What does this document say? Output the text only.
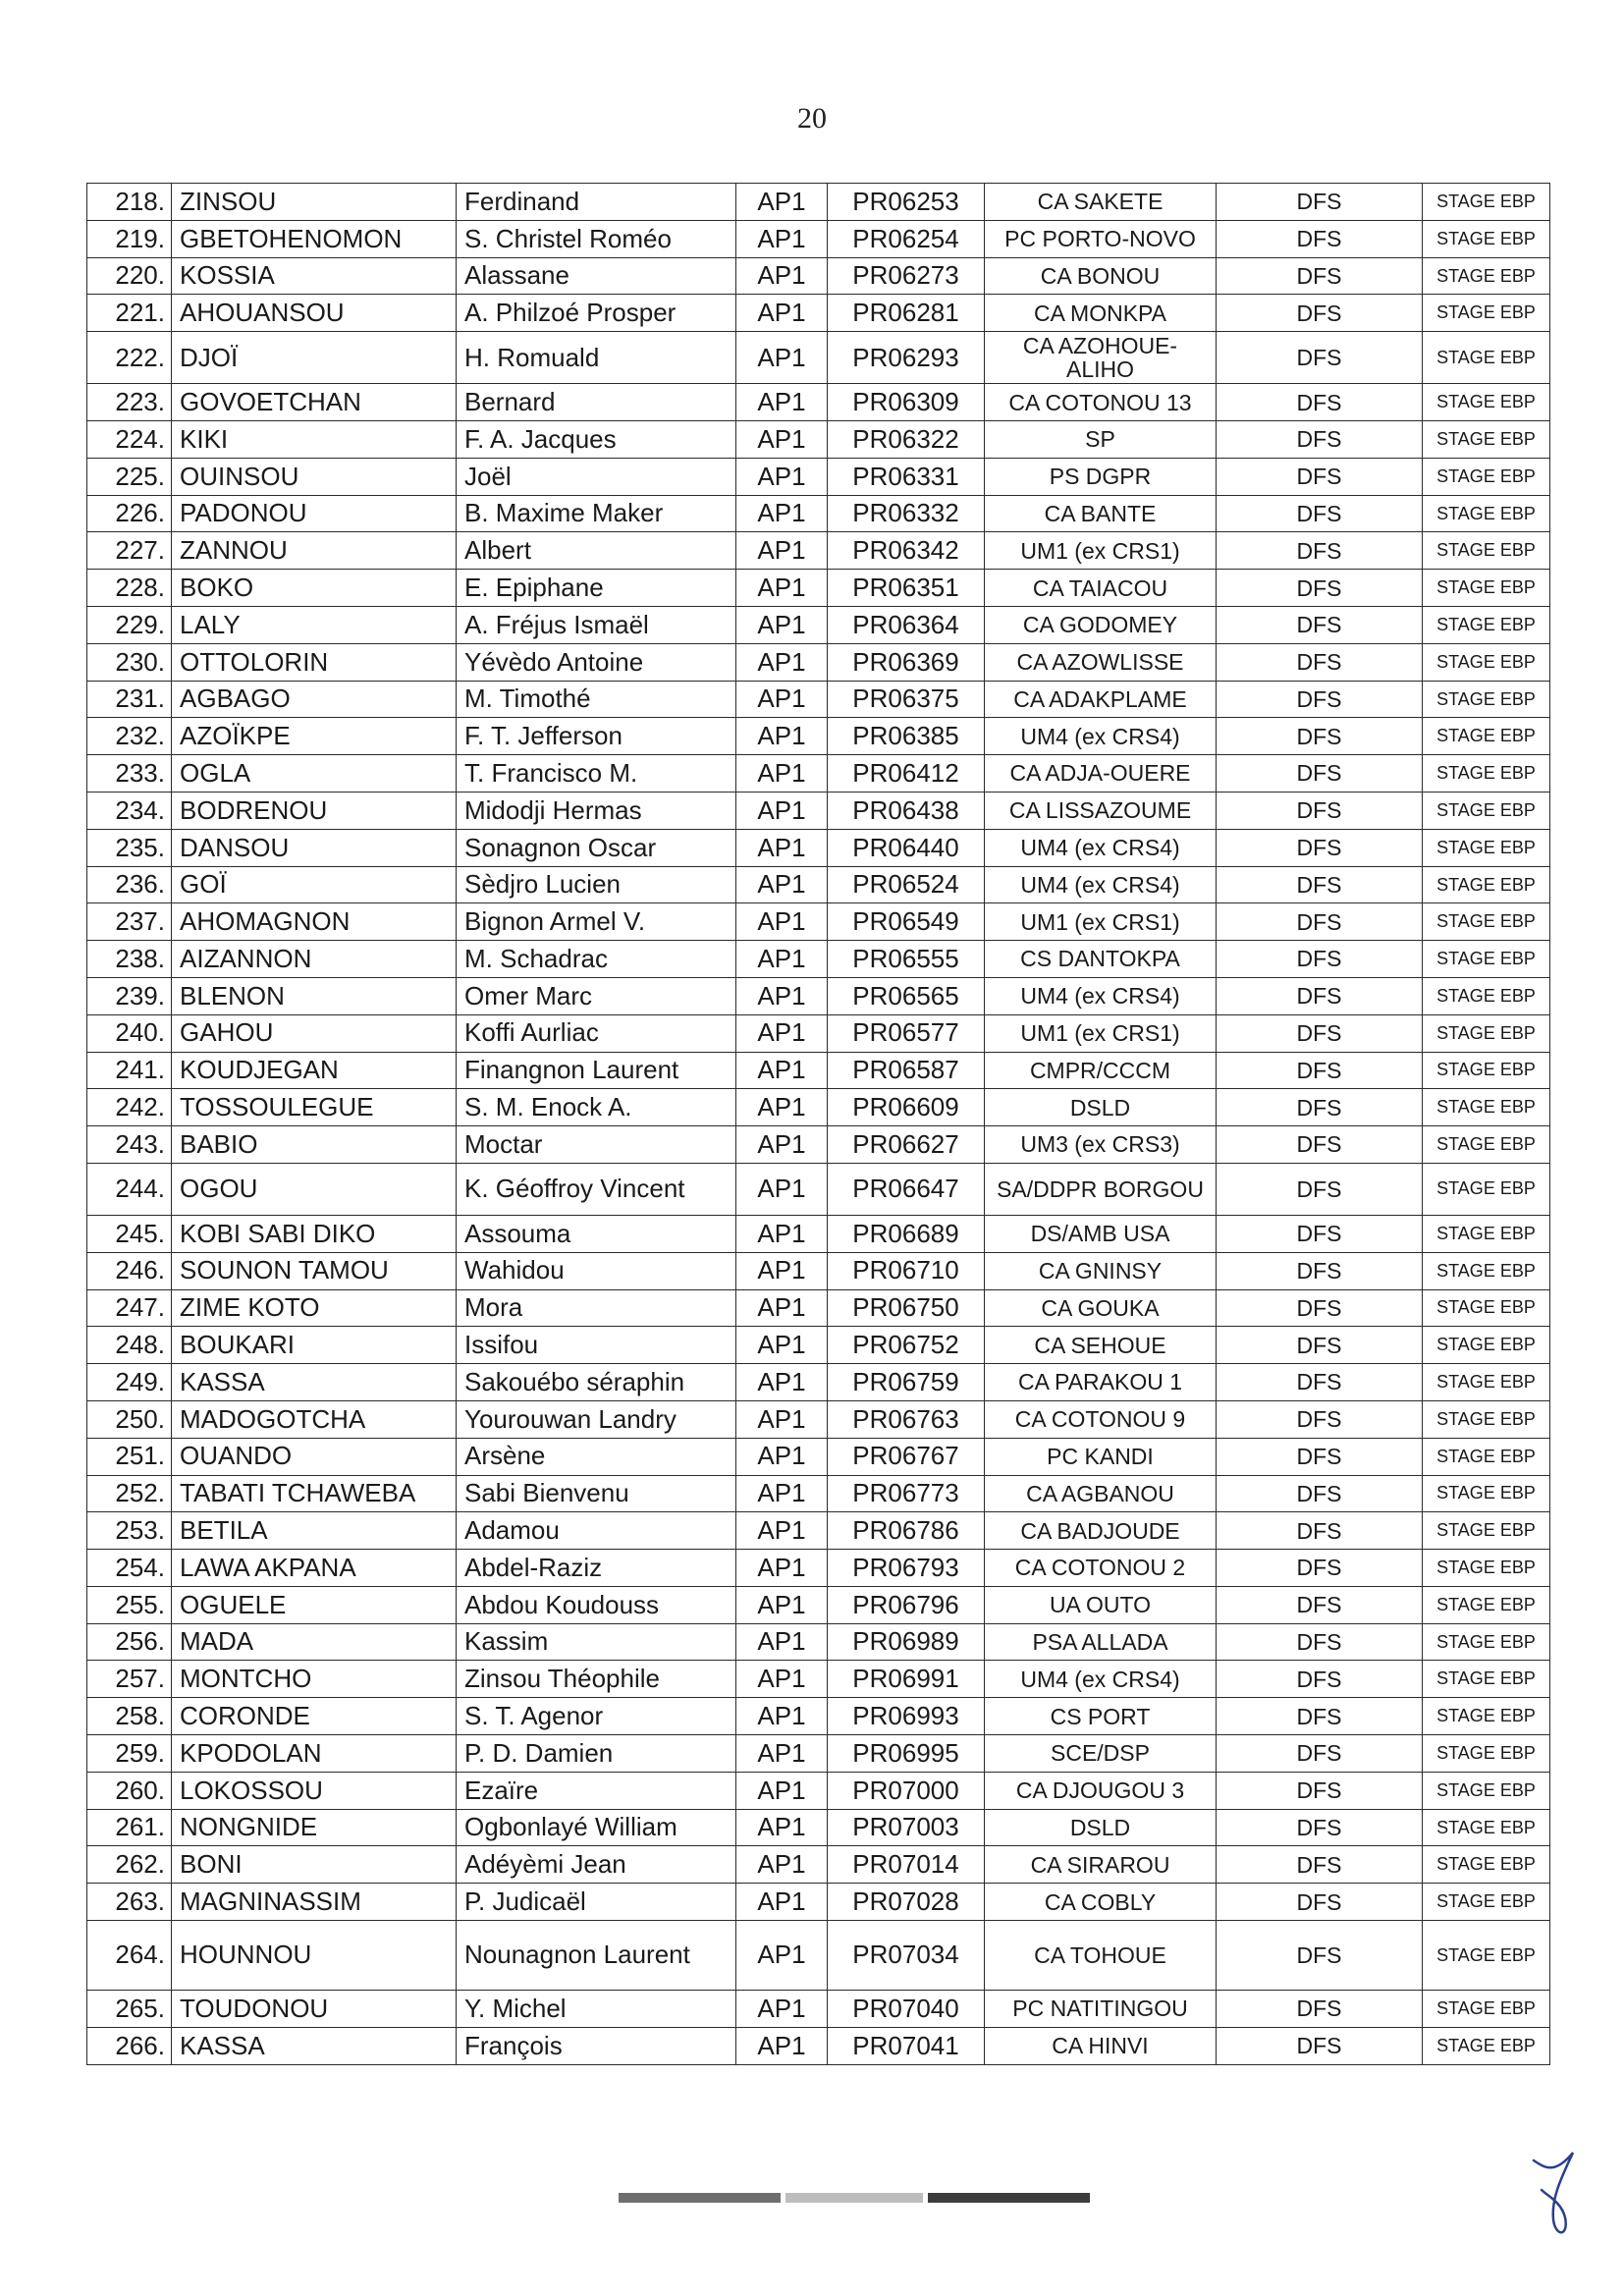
20
218.	ZINSOU	Ferdinand	AP1	PR06253	CA SAKETE	DFS	STAGE EBP
219.	GBETOHENOMON	S. Christel Roméo	AP1	PR06254	PC PORTO-NOVO	DFS	STAGE EBP
220.	KOSSIA	Alassane	AP1	PR06273	CA BONOU	DFS	STAGE EBP
221.	AHOUANSOU	A. Philzoé Prosper	AP1	PR06281	CA MONKPA	DFS	STAGE EBP
222.	DJOÏ	H. Romuald	AP1	PR06293	CA AZOHOUE-ALIHO	DFS	STAGE EBP
223.	GOVOETCHAN	Bernard	AP1	PR06309	CA COTONOU 13	DFS	STAGE EBP
224.	KIKI	F. A. Jacques	AP1	PR06322	SP	DFS	STAGE EBP
225.	OUINSOU	Joël	AP1	PR06331	PS DGPR	DFS	STAGE EBP
226.	PADONOU	B. Maxime Maker	AP1	PR06332	CA BANTE	DFS	STAGE EBP
227.	ZANNOU	Albert	AP1	PR06342	UM1 (ex CRS1)	DFS	STAGE EBP
228.	BOKO	E. Epiphane	AP1	PR06351	CA TAIACOU	DFS	STAGE EBP
229.	LALY	A. Fréjus Ismaël	AP1	PR06364	CA GODOMEY	DFS	STAGE EBP
230.	OTTOLORIN	Yévèdo Antoine	AP1	PR06369	CA AZOWLISSE	DFS	STAGE EBP
231.	AGBAGO	M. Timothé	AP1	PR06375	CA ADAKPLAME	DFS	STAGE EBP
232.	AZOÏKPE	F. T. Jefferson	AP1	PR06385	UM4 (ex CRS4)	DFS	STAGE EBP
233.	OGLA	T. Francisco M.	AP1	PR06412	CA ADJA-OUERE	DFS	STAGE EBP
234.	BODRENOU	Midodji Hermas	AP1	PR06438	CA LISSAZOUME	DFS	STAGE EBP
235.	DANSOU	Sonagnon Oscar	AP1	PR06440	UM4 (ex CRS4)	DFS	STAGE EBP
236.	GOÏ	Sèdjro Lucien	AP1	PR06524	UM4 (ex CRS4)	DFS	STAGE EBP
237.	AHOMAGNON	Bignon Armel V.	AP1	PR06549	UM1 (ex CRS1)	DFS	STAGE EBP
238.	AIZANNON	M. Schadrac	AP1	PR06555	CS DANTOKPA	DFS	STAGE EBP
239.	BLENON	Omer Marc	AP1	PR06565	UM4 (ex CRS4)	DFS	STAGE EBP
240.	GAHOU	Koffi Aurliac	AP1	PR06577	UM1 (ex CRS1)	DFS	STAGE EBP
241.	KOUDJEGAN	Finangnon Laurent	AP1	PR06587	CMPR/CCCM	DFS	STAGE EBP
242.	TOSSOULEGUE	S. M. Enock A.	AP1	PR06609	DSLD	DFS	STAGE EBP
243.	BABIO	Moctar	AP1	PR06627	UM3 (ex CRS3)	DFS	STAGE EBP
244.	OGOU	K. Géoffroy Vincent	AP1	PR06647	SA/DDPR BORGOU	DFS	STAGE EBP
245.	KOBI SABI DIKO	Assouma	AP1	PR06689	DS/AMB USA	DFS	STAGE EBP
246.	SOUNON TAMOU	Wahidou	AP1	PR06710	CA GNINSY	DFS	STAGE EBP
247.	ZIME KOTO	Mora	AP1	PR06750	CA GOUKA	DFS	STAGE EBP
248.	BOUKARI	Issifou	AP1	PR06752	CA SEHOUE	DFS	STAGE EBP
249.	KASSA	Sakouébo séraphin	AP1	PR06759	CA PARAKOU 1	DFS	STAGE EBP
250.	MADOGOTCHA	Yourouwan Landry	AP1	PR06763	CA COTONOU 9	DFS	STAGE EBP
251.	OUANDO	Arsène	AP1	PR06767	PC KANDI	DFS	STAGE EBP
252.	TABATI TCHAWEBA	Sabi Bienvenu	AP1	PR06773	CA AGBANOU	DFS	STAGE EBP
253.	BETILA	Adamou	AP1	PR06786	CA BADJOUDE	DFS	STAGE EBP
254.	LAWA AKPANA	Abdel-Raziz	AP1	PR06793	CA COTONOU 2	DFS	STAGE EBP
255.	OGUELE	Abdou Koudouss	AP1	PR06796	UA OUTO	DFS	STAGE EBP
256.	MADA	Kassim	AP1	PR06989	PSA ALLADA	DFS	STAGE EBP
257.	MONTCHO	Zinsou Théophile	AP1	PR06991	UM4 (ex CRS4)	DFS	STAGE EBP
258.	CORONDE	S. T. Agenor	AP1	PR06993	CS PORT	DFS	STAGE EBP
259.	KPODOLAN	P. D. Damien	AP1	PR06995	SCE/DSP	DFS	STAGE EBP
260.	LOKOSSOU	Ezaïre	AP1	PR07000	CA DJOUGOU 3	DFS	STAGE EBP
261.	NONGNIDE	Ogbonlayé William	AP1	PR07003	DSLD	DFS	STAGE EBP
262.	BONI	Adéyèmi Jean	AP1	PR07014	CA SIRAROU	DFS	STAGE EBP
263.	MAGNINASSIM	P. Judicaël	AP1	PR07028	CA COBLY	DFS	STAGE EBP
264.	HOUNNOU	Nounagnon Laurent	AP1	PR07034	CA TOHOUE	DFS	STAGE EBP
265.	TOUDONOU	Y. Michel	AP1	PR07040	PC NATITINGOU	DFS	STAGE EBP
266.	KASSA	François	AP1	PR07041	CA HINVI	DFS	STAGE EBP
